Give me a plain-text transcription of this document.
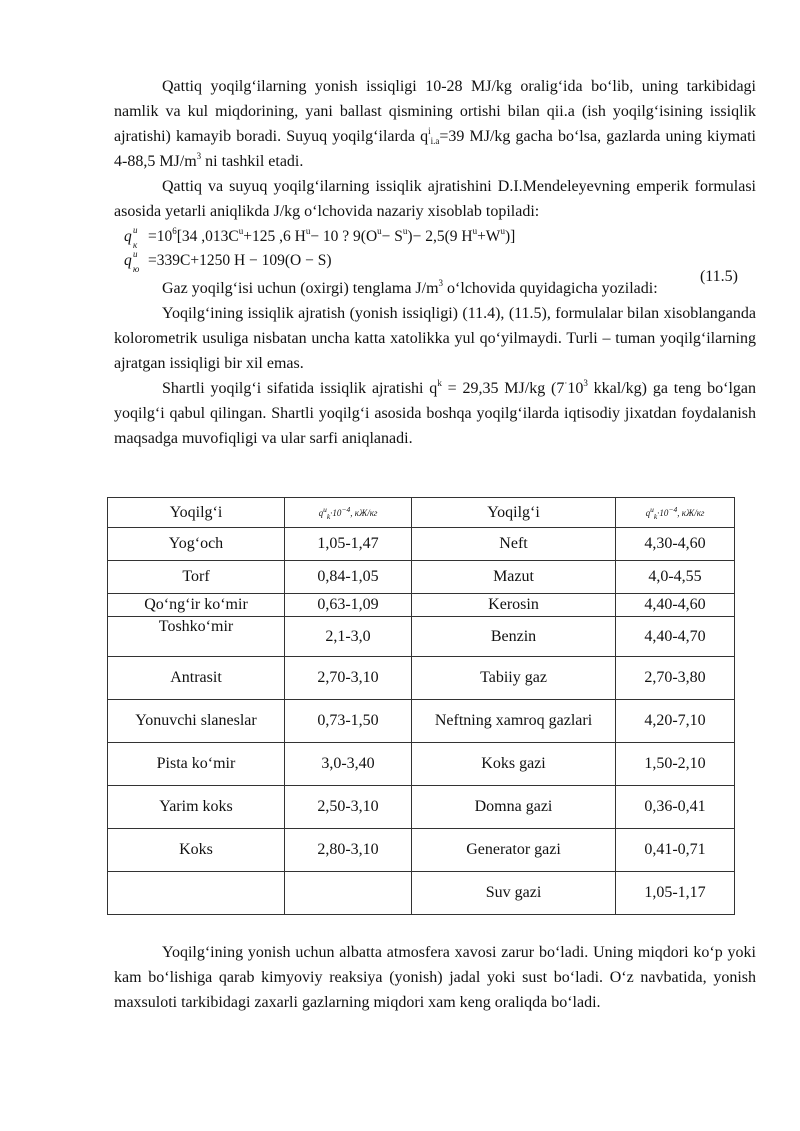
Qattiq yoqilg‘ilarning yonish issiqligi 10-28 MJ/kg oralig‘ida bo‘lib, uning tarkibidagi namlik va kul miqdorining, yani ballast qismining ortishi bilan qii.a (ish yoqilg‘isining issiqlik ajratishi) kamayib boradi. Suyuq yoqilg‘ilarda $q^i_{i.a}=39$ MJ/kg gacha bo‘lsa, gazlarda uning kiymati 4-88,5 $MJ/m^3$ ni tashkil etadi.

Qattiq va suyuq yoqilg‘ilarning issiqlik ajratishini D.I.Mendeleyevning emperik formulasi asosida yetarli aniqlikda J/kg o‘lchovida nazariy xisoblab topiladi:

q u
$к =10^6[34$ $,013C^u+125$ ,6 $H^u- 10$ ? $9(O^u- S^u)- 2,5(9$ $H^u+W^u$)]
q u
ю =339C+1250 H − 109(O − S)
(11.5)

Gaz yoqilg‘isi uchun (oxirgi) tenglama $J/m^3$ o‘lchovida quyidagicha yoziladi:

Yoqilg‘ining issiqlik ajratish (yonish issiqligi) (11.4), (11.5), formulalar bilan xisoblanganda kolorometrik usuliga nisbatan uncha katta xatolikka yul qo‘yilmaydi. Turli – tuman yoqilg‘ilarning ajratgan issiqligi bir xil emas.

Shartli yoqilg‘i sifatida issiqlik ajratishi $q^k = 29,35$ MJ/kg ($7^\cdot 10^3$ kkal/kg) ga teng bo‘lgan yoqilg‘i qabul qilingan. Shartli yoqilg‘i asosida boshqa yoqilg‘ilarda iqtisodiy jixatdan foydalanish maqsadga muvofiqligi va ular sarfi aniqlanadi.

Yoqilg‘i	$q^u_k\cdot 10^{-4}$, кЖ/кг	Yoqilg‘i	$q^u_k\cdot 10^{-4}$, кЖ/кг
Yog‘och	1,05-1,47	Neft	4,30-4,60
Torf	0,84-1,05	Mazut	4,0-4,55
Qo‘ng‘ir ko‘mir	0,63-1,09	Kerosin	4,40-4,60
Toshko‘mir	2,1-3,0	Benzin	4,40-4,70
Antrasit	2,70-3,10	Tabiiy gaz	2,70-3,80
Yonuvchi slaneslar	0,73-1,50	Neftning xamroq gazlari	4,20-7,10
Pista ko‘mir	3,0-3,40	Koks gazi	1,50-2,10
Yarim koks	2,50-3,10	Domna gazi	0,36-0,41
Koks	2,80-3,10	Generator gazi	0,41-0,71
		Suv gazi	1,05-1,17

Yoqilg‘ining yonish uchun albatta atmosfera xavosi zarur bo‘ladi. Uning miqdori ko‘p yoki kam bo‘lishiga qarab kimyoviy reaksiya (yonish) jadal yoki sust bo‘ladi. O‘z navbatida, yonish maxsuloti tarkibidagi zaxarli gazlarning miqdori xam keng oraliqda bo‘ladi.
